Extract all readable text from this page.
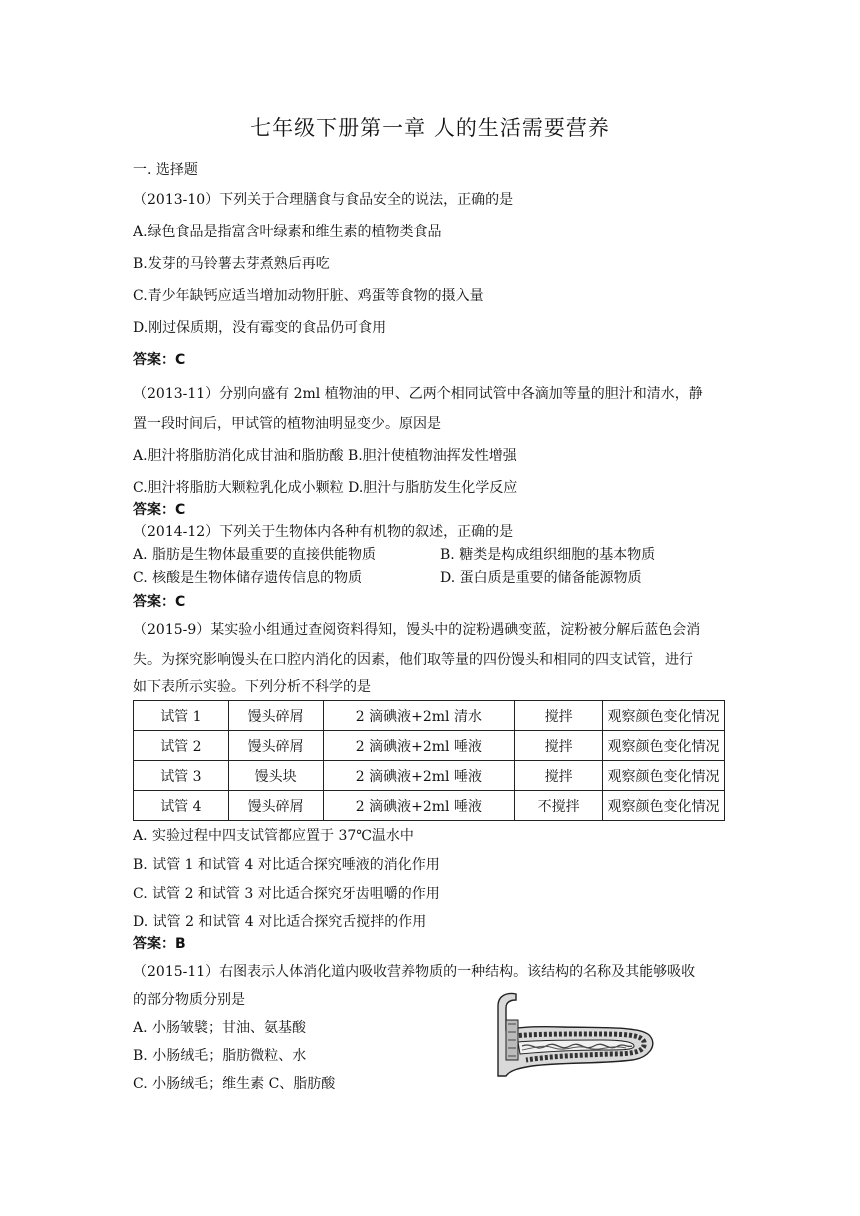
七年级下册第一章 人的生活需要营养
一. 选择题
（2013-10）下列关于合理膳食与食品安全的说法，正确的是
A.绿色食品是指富含叶绿素和维生素的植物类食品
B.发芽的马铃薯去芽煮熟后再吃
C.青少年缺钙应适当增加动物肝脏、鸡蛋等食物的摄入量
D.刚过保质期，没有霉变的食品仍可食用
答案：C
（2013-11）分别向盛有 2ml 植物油的甲、乙两个相同试管中各滴加等量的胆汁和清水，静
置一段时间后，甲试管的植物油明显变少。原因是
A.胆汁将脂肪消化成甘油和脂肪酸 B.胆汁使植物油挥发性增强
C.胆汁将脂肪大颗粒乳化成小颗粒 D.胆汁与脂肪发生化学反应
答案：C
（2014-12）下列关于生物体内各种有机物的叙述，正确的是
A. 脂肪是生物体最重要的直接供能物质	B. 糖类是构成组织细胞的基本物质
C. 核酸是生物体储存遗传信息的物质	D. 蛋白质是重要的储备能源物质
答案：C
（2015-9）某实验小组通过查阅资料得知，馒头中的淀粉遇碘变蓝，淀粉被分解后蓝色会消
失。为探究影响馒头在口腔内消化的因素，他们取等量的四份馒头和相同的四支试管，进行
如下表所示实验。下列分析不科学的是
试管 1	馒头碎屑	2 滴碘液+2ml 清水	搅拌	观察颜色变化情况
试管 2	馒头碎屑	2 滴碘液+2ml 唾液	搅拌	观察颜色变化情况
试管 3	馒头块	2 滴碘液+2ml 唾液	搅拌	观察颜色变化情况
试管 4	馒头碎屑	2 滴碘液+2ml 唾液	不搅拌	观察颜色变化情况
A. 实验过程中四支试管都应置于 37℃温水中
B. 试管 1 和试管 4 对比适合探究唾液的消化作用
C. 试管 2 和试管 3 对比适合探究牙齿咀嚼的作用
D. 试管 2 和试管 4 对比适合探究舌搅拌的作用
答案：B
（2015-11）右图表示人体消化道内吸收营养物质的一种结构。该结构的名称及其能够吸收
的部分物质分别是
A. 小肠皱襞；甘油、氨基酸
B. 小肠绒毛；脂肪微粒、水
C. 小肠绒毛；维生素 C、脂肪酸
